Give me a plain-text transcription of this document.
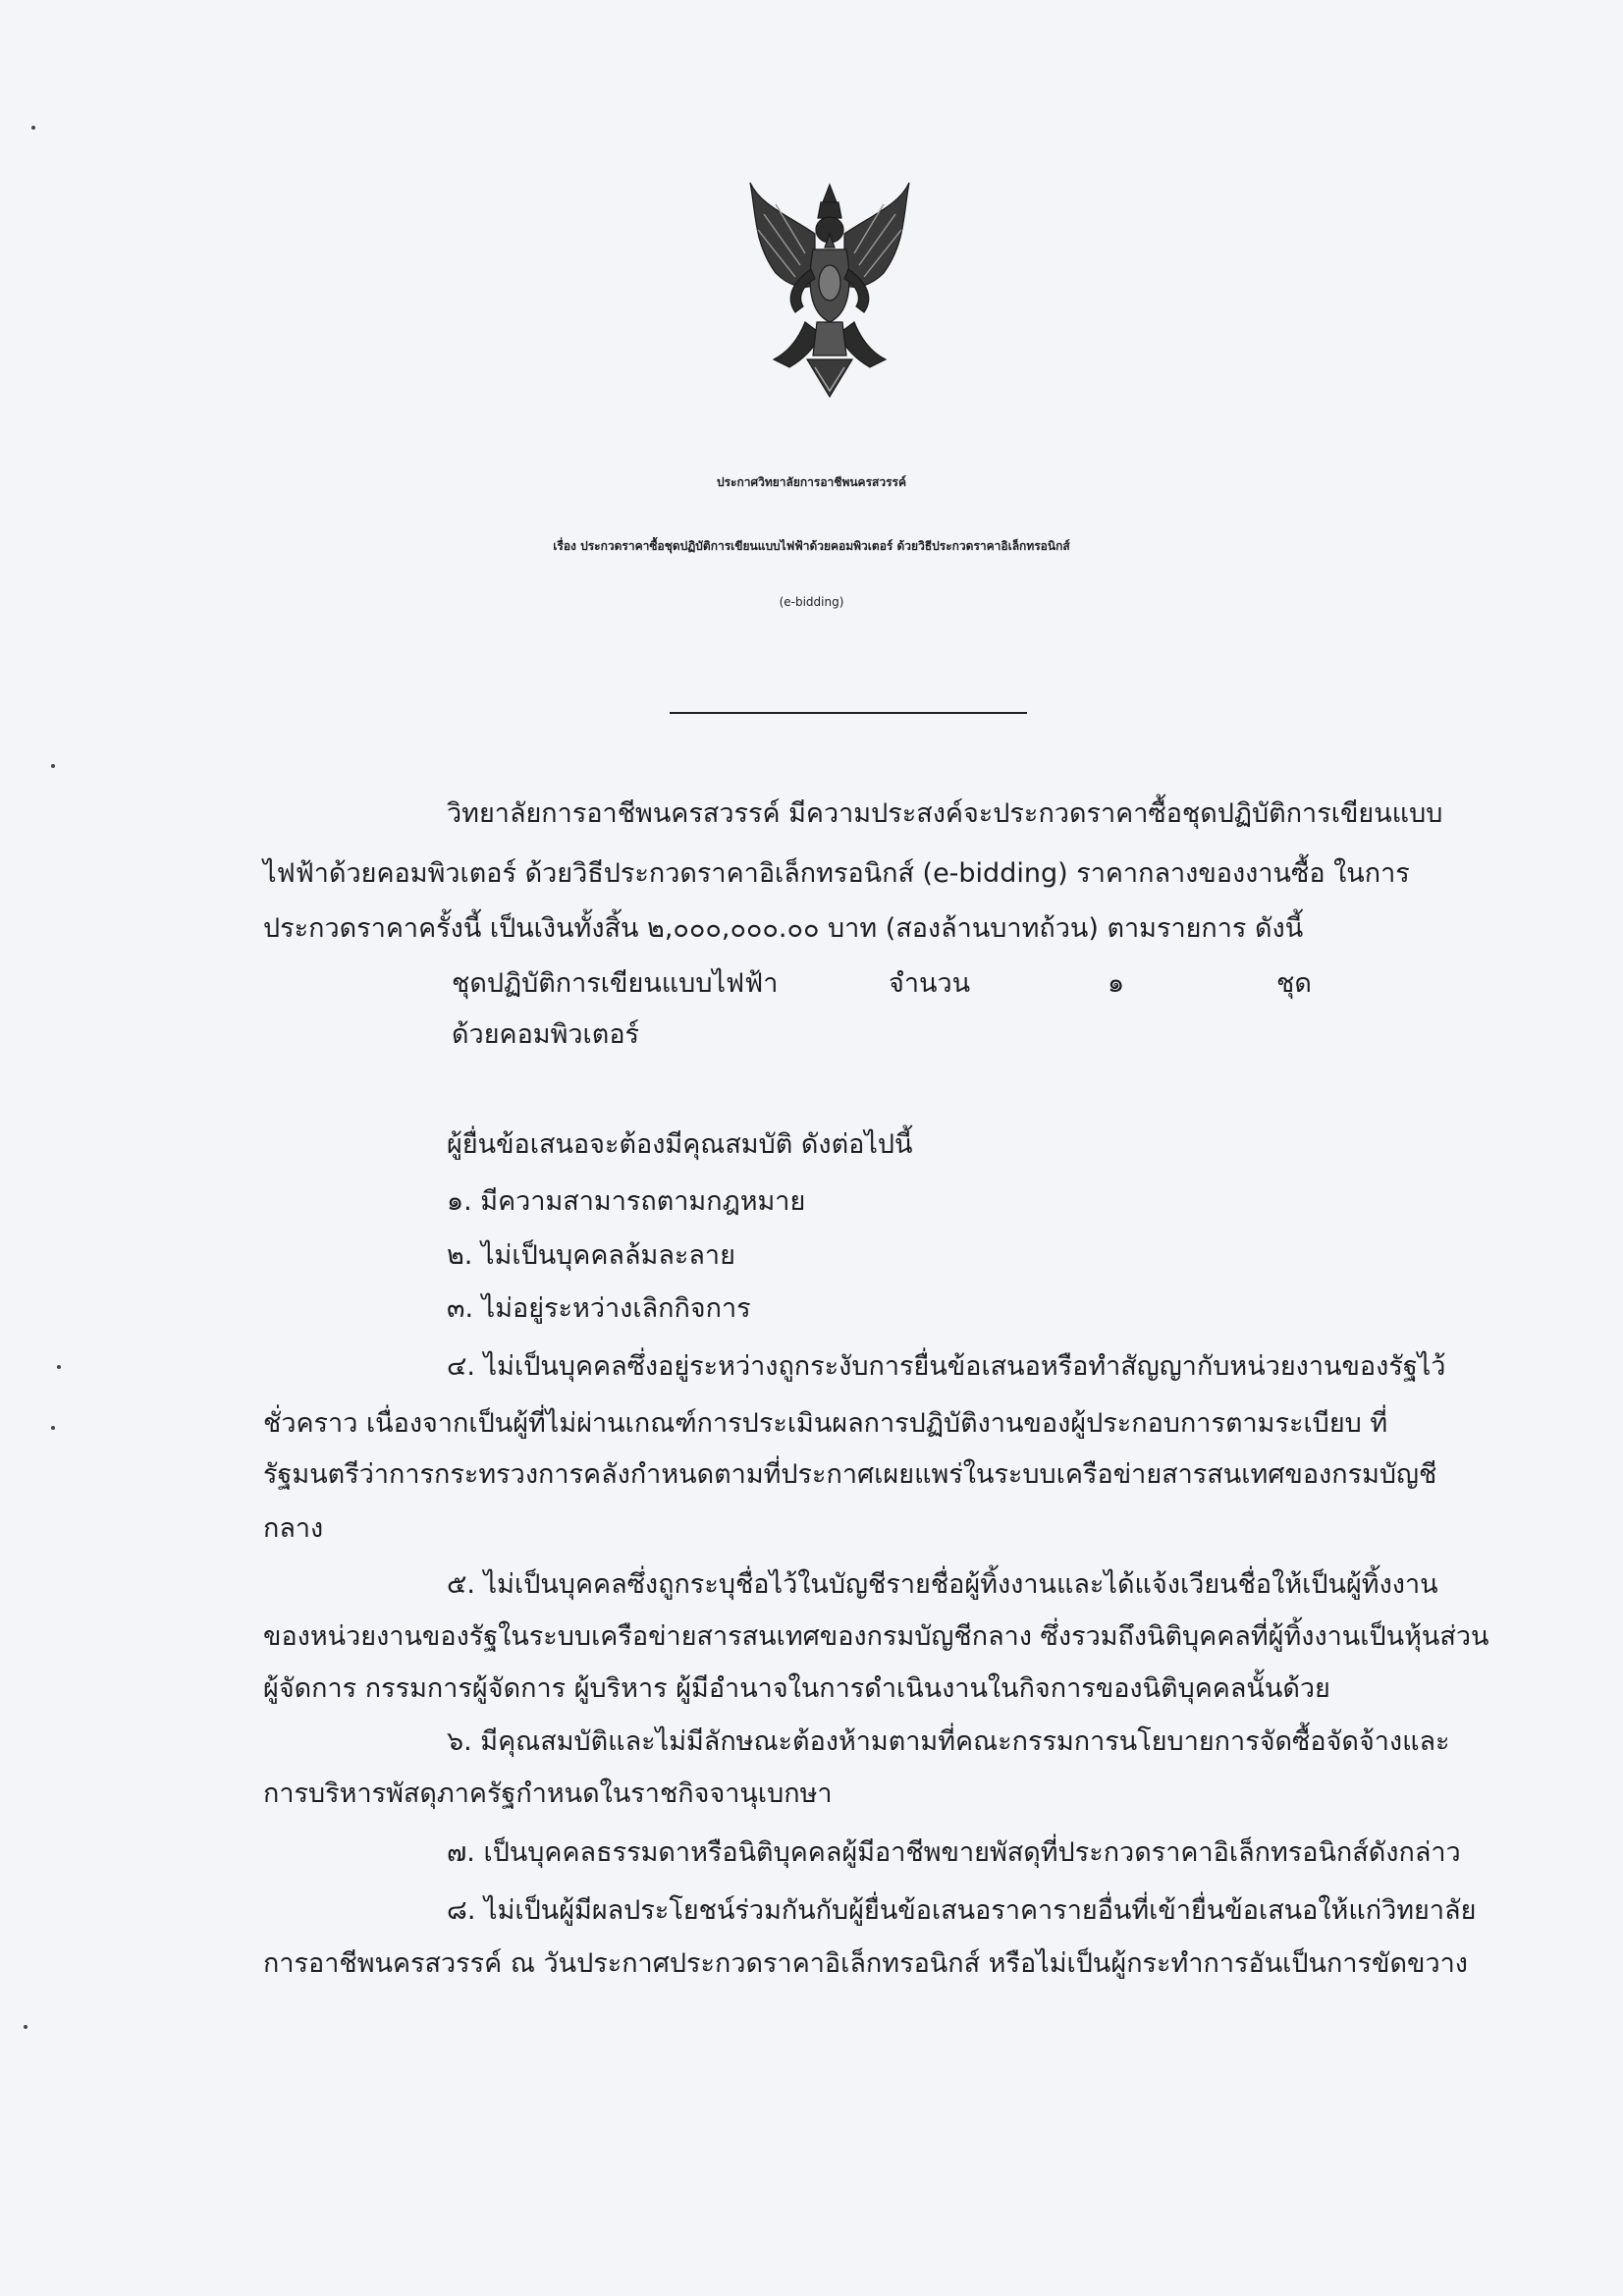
ประกาศวิทยาลัยการอาชีพนครสวรรค์
เรื่อง ประกวดราคาซื้อชุดปฏิบัติการเขียนแบบไฟฟ้าด้วยคอมพิวเตอร์ ด้วยวิธีประกวดราคาอิเล็กทรอนิกส์
(e-bidding)
วิทยาลัยการอาชีพนครสวรรค์ มีความประสงค์จะประกวดราคาซื้อชุดปฏิบัติการเขียนแบบ
ไฟฟ้าด้วยคอมพิวเตอร์ ด้วยวิธีประกวดราคาอิเล็กทรอนิกส์ (e-bidding) ราคากลางของงานซื้อ ในการ
ประกวดราคาครั้งนี้ เป็นเงินทั้งสิ้น ๒,๐๐๐,๐๐๐.๐๐ บาท (สองล้านบาทถ้วน) ตามรายการ ดังนี้
ชุดปฏิบัติการเขียนแบบไฟฟ้า	จำนวน	๑	ชุด
ด้วยคอมพิวเตอร์
ผู้ยื่นข้อเสนอจะต้องมีคุณสมบัติ ดังต่อไปนี้
๑. มีความสามารถตามกฎหมาย
๒. ไม่เป็นบุคคลล้มละลาย
๓. ไม่อยู่ระหว่างเลิกกิจการ
๔. ไม่เป็นบุคคลซึ่งอยู่ระหว่างถูกระงับการยื่นข้อเสนอหรือทำสัญญากับหน่วยงานของรัฐไว้
ชั่วคราว เนื่องจากเป็นผู้ที่ไม่ผ่านเกณฑ์การประเมินผลการปฏิบัติงานของผู้ประกอบการตามระเบียบ ที่
รัฐมนตรีว่าการกระทรวงการคลังกำหนดตามที่ประกาศเผยแพร่ในระบบเครือข่ายสารสนเทศของกรมบัญชี
กลาง
๕. ไม่เป็นบุคคลซึ่งถูกระบุชื่อไว้ในบัญชีรายชื่อผู้ทิ้งงานและได้แจ้งเวียนชื่อให้เป็นผู้ทิ้งงาน
ของหน่วยงานของรัฐในระบบเครือข่ายสารสนเทศของกรมบัญชีกลาง ซึ่งรวมถึงนิติบุคคลที่ผู้ทิ้งงานเป็นหุ้นส่วน
ผู้จัดการ กรรมการผู้จัดการ ผู้บริหาร ผู้มีอำนาจในการดำเนินงานในกิจการของนิติบุคคลนั้นด้วย
๖. มีคุณสมบัติและไม่มีลักษณะต้องห้ามตามที่คณะกรรมการนโยบายการจัดซื้อจัดจ้างและ
การบริหารพัสดุภาครัฐกำหนดในราชกิจจานุเบกษา
๗. เป็นบุคคลธรรมดาหรือนิติบุคคลผู้มีอาชีพขายพัสดุที่ประกวดราคาอิเล็กทรอนิกส์ดังกล่าว
๘. ไม่เป็นผู้มีผลประโยชน์ร่วมกันกับผู้ยื่นข้อเสนอราคารายอื่นที่เข้ายื่นข้อเสนอให้แก่วิทยาลัย
การอาชีพนครสวรรค์ ณ วันประกาศประกวดราคาอิเล็กทรอนิกส์ หรือไม่เป็นผู้กระทำการอันเป็นการขัดขวาง
